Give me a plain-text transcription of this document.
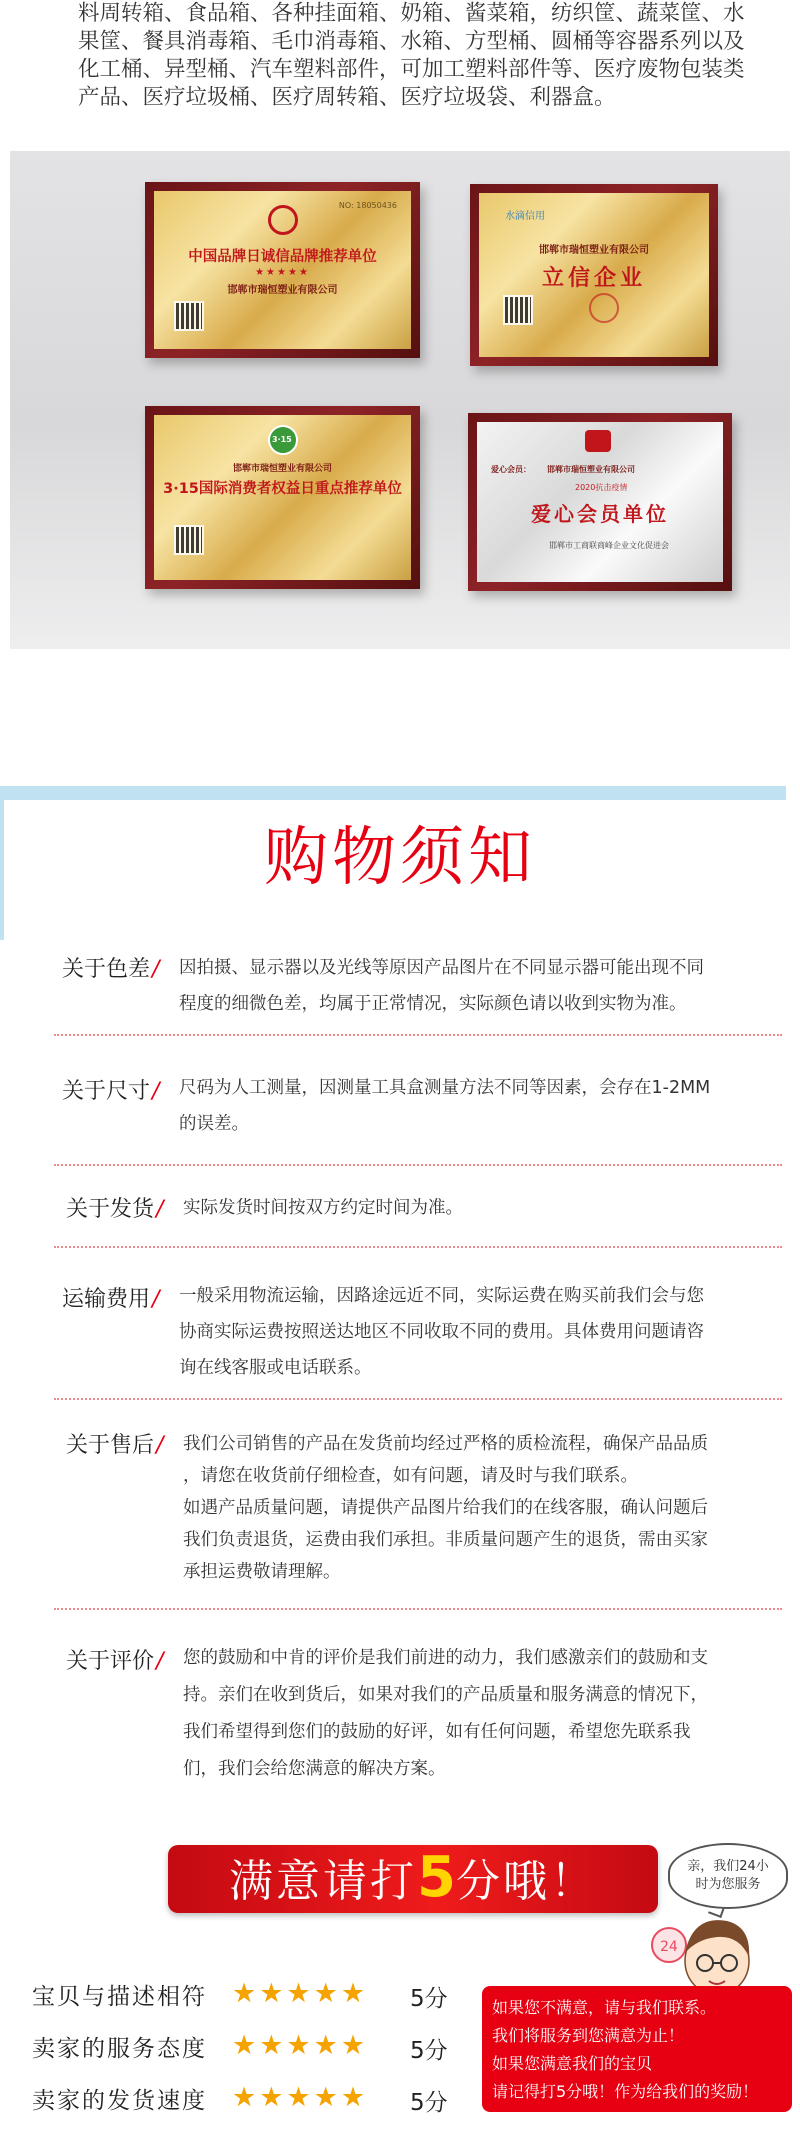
料周转箱、食品箱、各种挂面箱、奶箱、酱菜箱，纺织筐、蔬菜筐、水
果筐、餐具消毒箱、毛巾消毒箱、水箱、方型桶、圆桶等容器系列以及
化工桶、异型桶、汽车塑料部件，可加工塑料部件等、医疗废物包装类
产品、医疗垃圾桶、医疗周转箱、医疗垃圾袋、利器盒。
NO: 18050436
中国品牌日诚信品牌推荐单位
★★★★★
邯郸市瑞恒塑业有限公司
水滴信用
邯郸市瑞恒塑业有限公司
立信企业
3·15
邯郸市瑞恒塑业有限公司
3·15国际消费者权益日重点推荐单位
爱心会员： 邯郸市瑞恒塑业有限公司
2020抗击疫情
爱心会员单位
邯郸市工商联商峰企业文化促进会
购物须知
关于色差/ 因拍摄、显示器以及光线等原因产品图片在不同显示器可能出现不同
程度的细微色差，均属于正常情况，实际颜色请以收到实物为准。
关于尺寸/ 尺码为人工测量，因测量工具盒测量方法不同等因素，会存在1-2MM
的误差。
关于发货/ 实际发货时间按双方约定时间为准。
运输费用/ 一般采用物流运输，因路途远近不同，实际运费在购买前我们会与您
协商实际运费按照送达地区不同收取不同的费用。具体费用问题请咨
询在线客服或电话联系。
关于售后/ 我们公司销售的产品在发货前均经过严格的质检流程，确保产品品质
，请您在收货前仔细检查，如有问题，请及时与我们联系。
如遇产品质量问题，请提供产品图片给我们的在线客服，确认问题后
我们负责退货，运费由我们承担。非质量问题产生的退货，需由买家
承担运费敬请理解。
关于评价/ 您的鼓励和中肯的评价是我们前进的动力，我们感激亲们的鼓励和支
持。亲们在收到货后，如果对我们的产品质量和服务满意的情况下，
我们希望得到您们的鼓励的好评，如有任何问题，希望您先联系我
们，我们会给您满意的解决方案。
满意请打5分哦！	亲，我们24小
时为您服务
24
宝贝与描述相符 ★★★★★ 5分
卖家的服务态度 ★★★★★ 5分
卖家的发货速度 ★★★★★ 5分
如果您不满意，请与我们联系。
我们将服务到您满意为止！
如果您满意我们的宝贝
请记得打5分哦！作为给我们的奖励！
